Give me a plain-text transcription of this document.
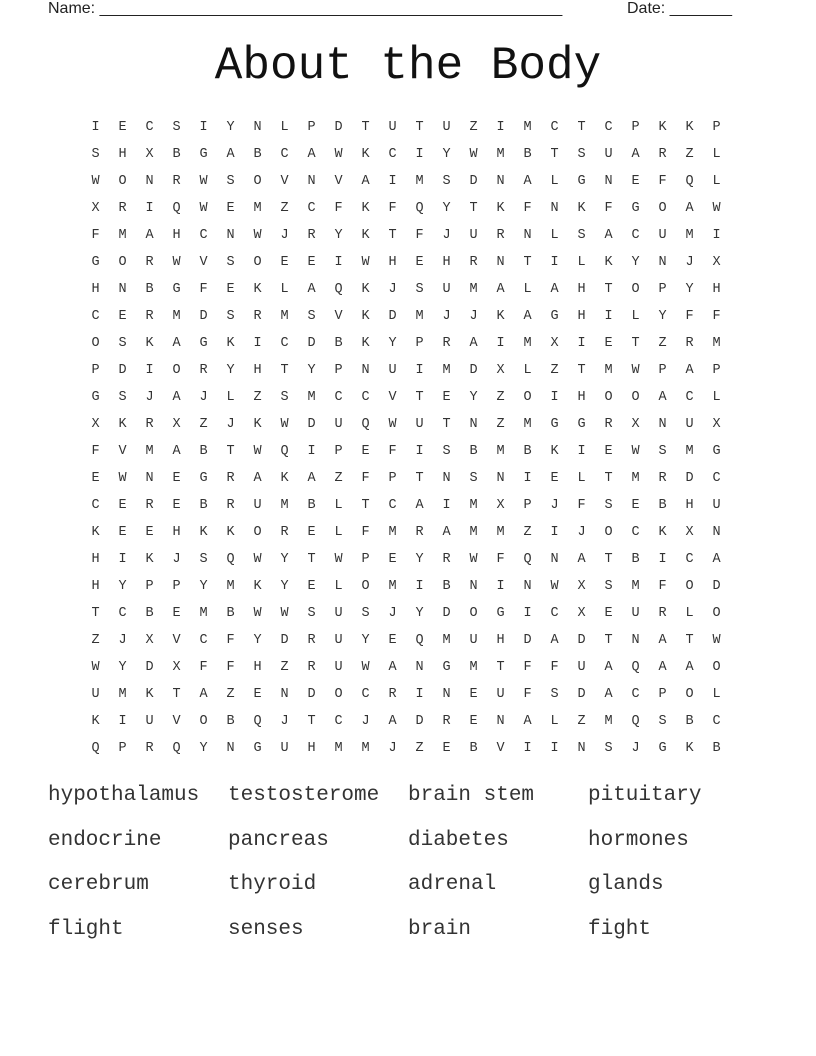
Name: ____________________________________________________	Date: _______
About the Body
I	E	C	S	I	Y	N	L	P	D	T	U	T	U	Z	I	M	C	T	C	P	K	K	P
S	H	X	B	G	A	B	C	A	W	K	C	I	Y	W	M	B	T	S	U	A	R	Z	L
W	O	N	R	W	S	O	V	N	V	A	I	M	S	D	N	A	L	G	N	E	F	Q	L
X	R	I	Q	W	E	M	Z	C	F	K	F	Q	Y	T	K	F	N	K	F	G	O	A	W
F	M	A	H	C	N	W	J	R	Y	K	T	F	J	U	R	N	L	S	A	C	U	M	I
G	O	R	W	V	S	O	E	E	I	W	H	E	H	R	N	T	I	L	K	Y	N	J	X
H	N	B	G	F	E	K	L	A	Q	K	J	S	U	M	A	L	A	H	T	O	P	Y	H
C	E	R	M	D	S	R	M	S	V	K	D	M	J	J	K	A	G	H	I	L	Y	F	F
O	S	K	A	G	K	I	C	D	B	K	Y	P	R	A	I	M	X	I	E	T	Z	R	M
P	D	I	O	R	Y	H	T	Y	P	N	U	I	M	D	X	L	Z	T	M	W	P	A	P
G	S	J	A	J	L	Z	S	M	C	C	V	T	E	Y	Z	O	I	H	O	O	A	C	L
X	K	R	X	Z	J	K	W	D	U	Q	W	U	T	N	Z	M	G	G	R	X	N	U	X
F	V	M	A	B	T	W	Q	I	P	E	F	I	S	B	M	B	K	I	E	W	S	M	G
E	W	N	E	G	R	A	K	A	Z	F	P	T	N	S	N	I	E	L	T	M	R	D	C
C	E	R	E	B	R	U	M	B	L	T	C	A	I	M	X	P	J	F	S	E	B	H	U
K	E	E	H	K	K	O	R	E	L	F	M	R	A	M	M	Z	I	J	O	C	K	X	N
H	I	K	J	S	Q	W	Y	T	W	P	E	Y	R	W	F	Q	N	A	T	B	I	C	A
H	Y	P	P	Y	M	K	Y	E	L	O	M	I	B	N	I	N	W	X	S	M	F	O	D
T	C	B	E	M	B	W	W	S	U	S	J	Y	D	O	G	I	C	X	E	U	R	L	O
Z	J	X	V	C	F	Y	D	R	U	Y	E	Q	M	U	H	D	A	D	T	N	A	T	W
W	Y	D	X	F	F	H	Z	R	U	W	A	N	G	M	T	F	F	U	A	Q	A	A	O
U	M	K	T	A	Z	E	N	D	O	C	R	I	N	E	U	F	S	D	A	C	P	O	L
K	I	U	V	O	B	Q	J	T	C	J	A	D	R	E	N	A	L	Z	M	Q	S	B	C
Q	P	R	Q	Y	N	G	U	H	M	M	J	Z	E	B	V	I	I	N	S	J	G	K	B
hypothalamus	testosterome	brain stem	pituitary
endocrine	pancreas	diabetes	hormones
cerebrum	thyroid	adrenal	glands
flight	senses	brain	fight
